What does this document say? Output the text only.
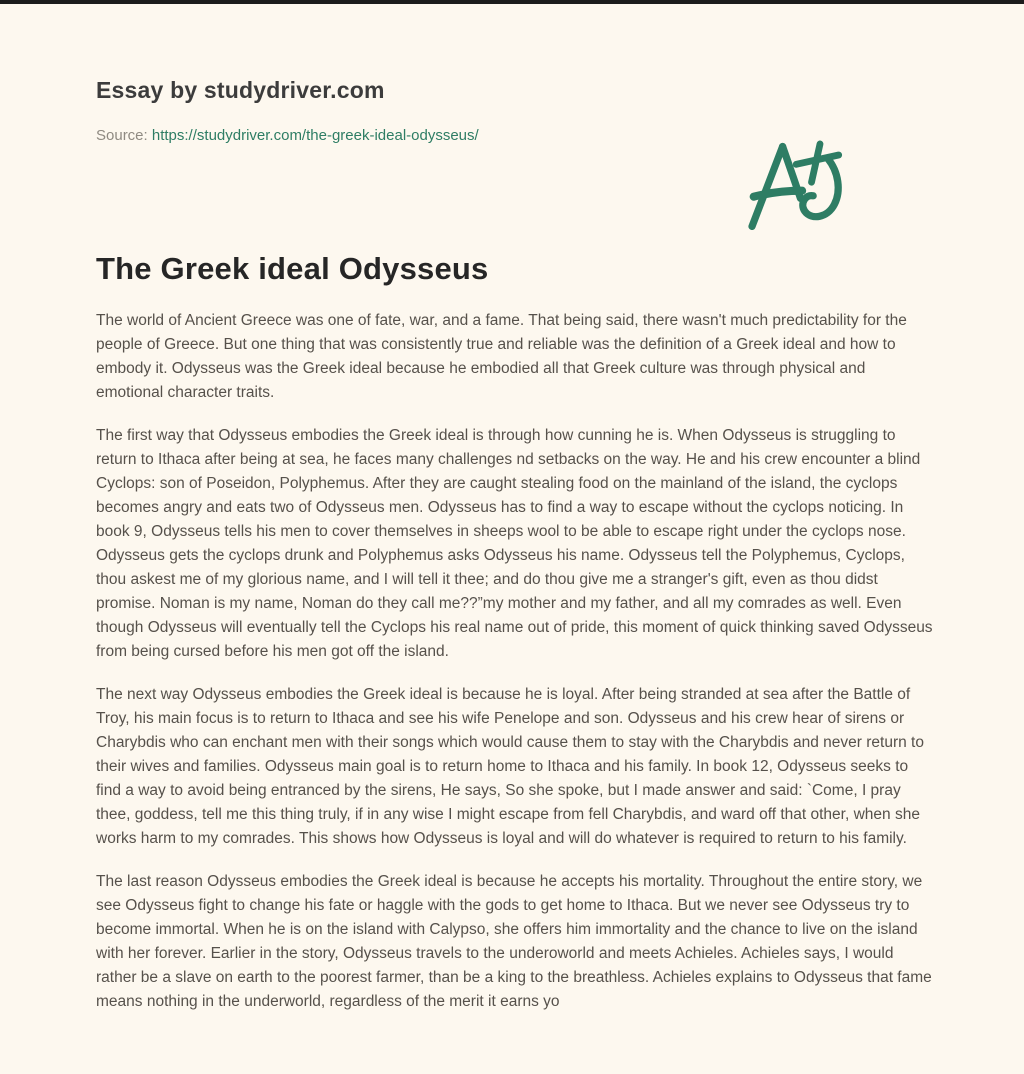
Essay by studydriver.com
Source: https://studydriver.com/the-greek-ideal-odysseus/
The Greek ideal Odysseus

The world of Ancient Greece was one of fate, war, and a fame. That being said, there wasn't much predictability for the people of Greece. But one thing that was consistently true and reliable was the definition of a Greek ideal and how to embody it. Odysseus was the Greek ideal because he embodied all that Greek culture was through physical and emotional character traits.

The first way that Odysseus embodies the Greek ideal is through how cunning he is. When Odysseus is struggling to return to Ithaca after being at sea, he faces many challenges nd setbacks on the way. He and his crew encounter a blind Cyclops: son of Poseidon, Polyphemus. After they are caught stealing food on the mainland of the island, the cyclops becomes angry and eats two of Odysseus men. Odysseus has to find a way to escape without the cyclops noticing. In book 9, Odysseus tells his men to cover themselves in sheeps wool to be able to escape right under the cyclops nose. Odysseus gets the cyclops drunk and Polyphemus asks Odysseus his name. Odysseus tell the Polyphemus, Cyclops, thou askest me of my glorious name, and I will tell it thee; and do thou give me a stranger's gift, even as thou didst promise. Noman is my name, Noman do they call me??”my mother and my father, and all my comrades as well. Even though Odysseus will eventually tell the Cyclops his real name out of pride, this moment of quick thinking saved Odysseus from being cursed before his men got off the island.

The next way Odysseus embodies the Greek ideal is because he is loyal. After being stranded at sea after the Battle of Troy, his main focus is to return to Ithaca and see his wife Penelope and son. Odysseus and his crew hear of sirens or Charybdis who can enchant men with their songs which would cause them to stay with the Charybdis and never return to their wives and families. Odysseus main goal is to return home to Ithaca and his family. In book 12, Odysseus seeks to find a way to avoid being entranced by the sirens, He says, So she spoke, but I made answer and said: `Come, I pray thee, goddess, tell me this thing truly, if in any wise I might escape from fell Charybdis, and ward off that other, when she works harm to my comrades. This shows how Odysseus is loyal and will do whatever is required to return to his family.

The last reason Odysseus embodies the Greek ideal is because he accepts his mortality. Throughout the entire story, we see Odysseus fight to change his fate or haggle with the gods to get home to Ithaca. But we never see Odysseus try to become immortal. When he is on the island with Calypso, she offers him immortality and the chance to live on the island with her forever. Earlier in the story, Odysseus travels to the underoworld and meets Achieles. Achieles says, I would rather be a slave on earth to the poorest farmer, than be a king to the breathless. Achieles explains to Odysseus that fame means nothing in the underworld, regardless of the merit it earns yo
